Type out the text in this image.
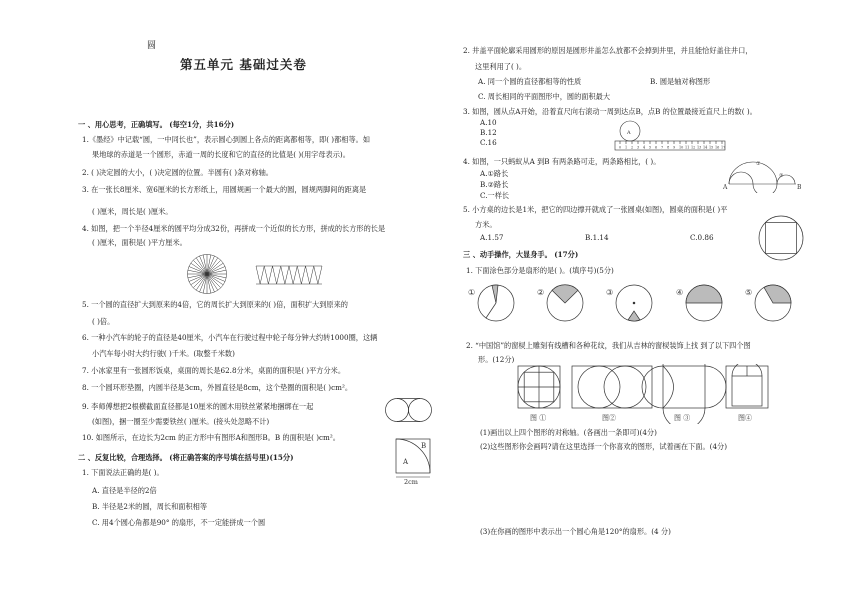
圆
第五单元 基础过关卷
一 、用心思考，正确填写。 (每空1分，共16分)
1.《墨经》中记载“圆，一中同长也”，表示圆心到圆上各点的距离都相等，即( )都相等。如
果地球的赤道是一个圆形，赤道一周的长度和它的直径的比值是( )(用字母表示)。
2. ( )决定圆的大小，( )决定圆的位置。半圆有( )条对称轴。
3. 在一张长8厘米、宽6厘米的长方形纸上，用圆规画一个最大的圆，圆规两脚间的距离是
( )厘米，周长是( )厘米。
4. 如图，把一个半径4厘米的圆平均分成32份，再拼成一个近似的长方形，拼成的长方形的长是
( )厘米，面积是( )平方厘米。
5. 一个圆的直径扩大到原来的4倍，它的周长扩大到原来的( )倍，面积扩大到原来的
( )倍。
6. 一种小汽车的轮子的直径是40厘米，小汽车在行驶过程中轮子每分钟大约转1000圈，这辆
小汽车每小时大约行驶( )千米。(取整千米数)
7. 小冰家里有一张圆形饭桌，桌面的周长是62.8分米，桌面的面积是( )平方分米。
8. 一个圆环形垫圈，内圆半径是3cm，外圆直径是8cm，这个垫圈的面积是( )cm²。
9. 李师傅想把2根横截面直径都是10厘米的圆木用铁丝紧紧地捆绑在一起
(如图)，捆一圈至少需要铁丝( )厘米。(接头处忽略不计)
10. 如图所示，在边长为2cm 的正方形中有图形A和图形B。B 的面积是( )cm²。
B
A
2cm
二 、反复比较，合理选择。 (将正确答案的序号填在括号里)(15分)
1. 下面说法正确的是( )。
A. 直径是半径的2倍
B. 半径是2米的圆，周长和面积相等
C. 用4个圆心角都是90° 的扇形，不一定能拼成一个圆
2. 井盖平面轮廓采用圆形的原因是圆形井盖怎么放都不会掉到井里，并且能恰好盖住井口，
这里利用了( )。
A. 同一个圆的直径都相等的性质	B. 圆是轴对称图形
C. 周长相同的平面图形中，圆的面积最大
3. 如图，圆从点A开始，沿着直尺向右滚动一周到达点B，点B 的位置最接近直尺上的数( )。
A.10
B.12
C.16
A
0 1 2 3 4 5 6 7 8 9 10 11 12 13 14 15 16 17
4. 如图，一只蚂蚁从A 到B 有两条路可走，两条路相比，( )。
A.①路长
B.②路长
C.一样长
A	B
①
②
5. 小方桌的边长是1米，把它的四边撑开就成了一张圆桌(如图)，圆桌的面积是( )平
方米。
A.1.57	B.1.14	C.0.86
三 、动手操作，大显身手。 (17分)
1. 下面涂色部分是扇形的是( )。(填序号)(5分)
①	②	③	④	⑤
2. “中国馆”的窗棂上雕刻有线槽和各种花纹，我们从吉林的窗棂装饰上找 到了以下四个图
形。(12分)
图 ①	图②	图 ③	图④
(1)画出以上四个图形的对称轴。(各画出一条即可)(4分)
(2)这些图形你会画吗?请在这里选择一个你喜欢的图形，试着画在下面。(4分)
(3)在你画的图形中表示出一个圆心角是120°的扇形。(4 分)
